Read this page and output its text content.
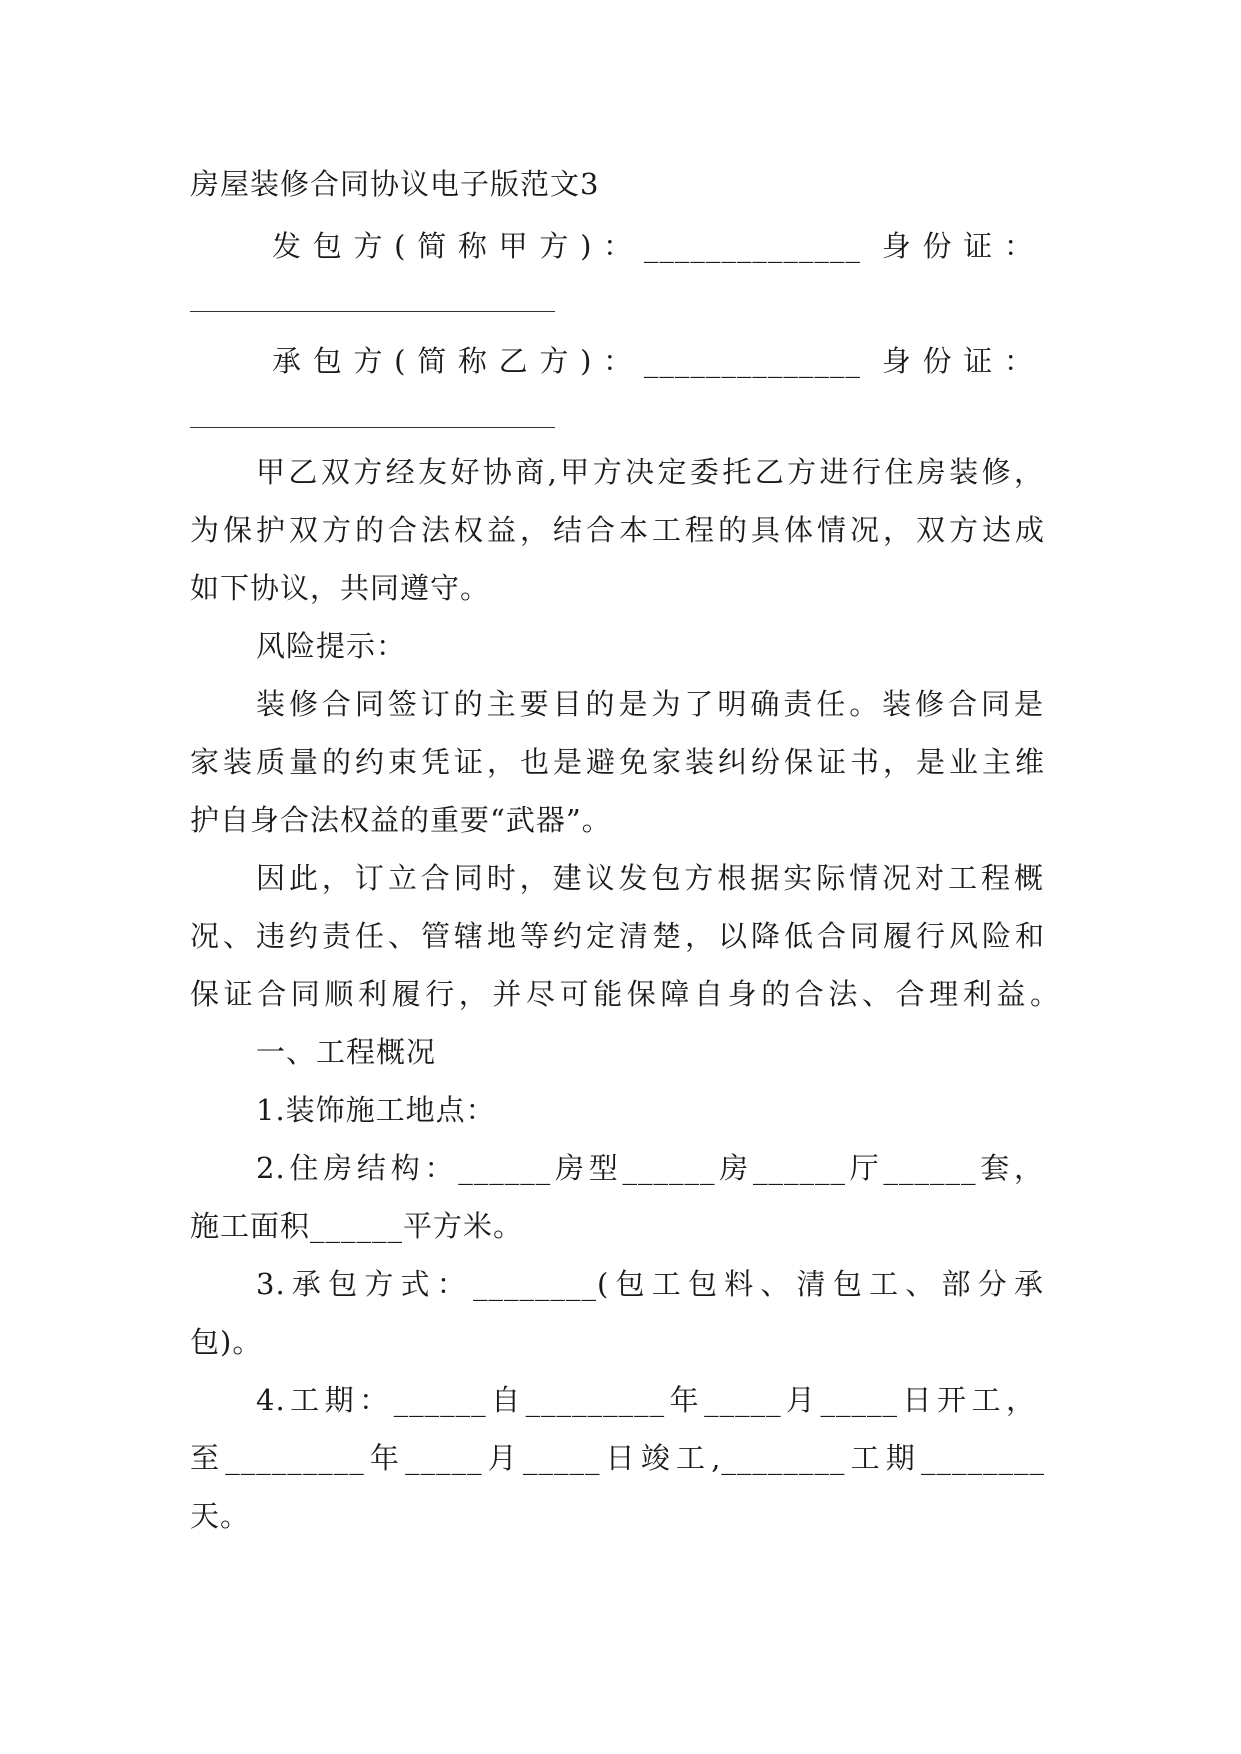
房屋装修合同协议电子版范文3
发包方(简称甲方)：______________ 身份证：
承包方(简称乙方)：______________ 身份证：
甲乙双方经友好协商,甲方决定委托乙方进行住房装修，
为保护双方的合法权益，结合本工程的具体情况，双方达成
如下协议，共同遵守。
风险提示：
装修合同签订的主要目的是为了明确责任。装修合同是
家装质量的约束凭证，也是避免家装纠纷保证书，是业主维
护自身合法权益的重要“武器”。
因此，订立合同时，建议发包方根据实际情况对工程概
况、违约责任、管辖地等约定清楚，以降低合同履行风险和
保证合同顺利履行，并尽可能保障自身的合法、合理利益。
一、工程概况
1.装饰施工地点：
2.住房结构：______房型______房______厅______套，
施工面积______平方米。
3.承包方式：________(包工包料、清包工、部分承
包)。
4.工期：______自_________年_____月_____日开工，
至_________年_____月_____日竣工,________工期________
天。
